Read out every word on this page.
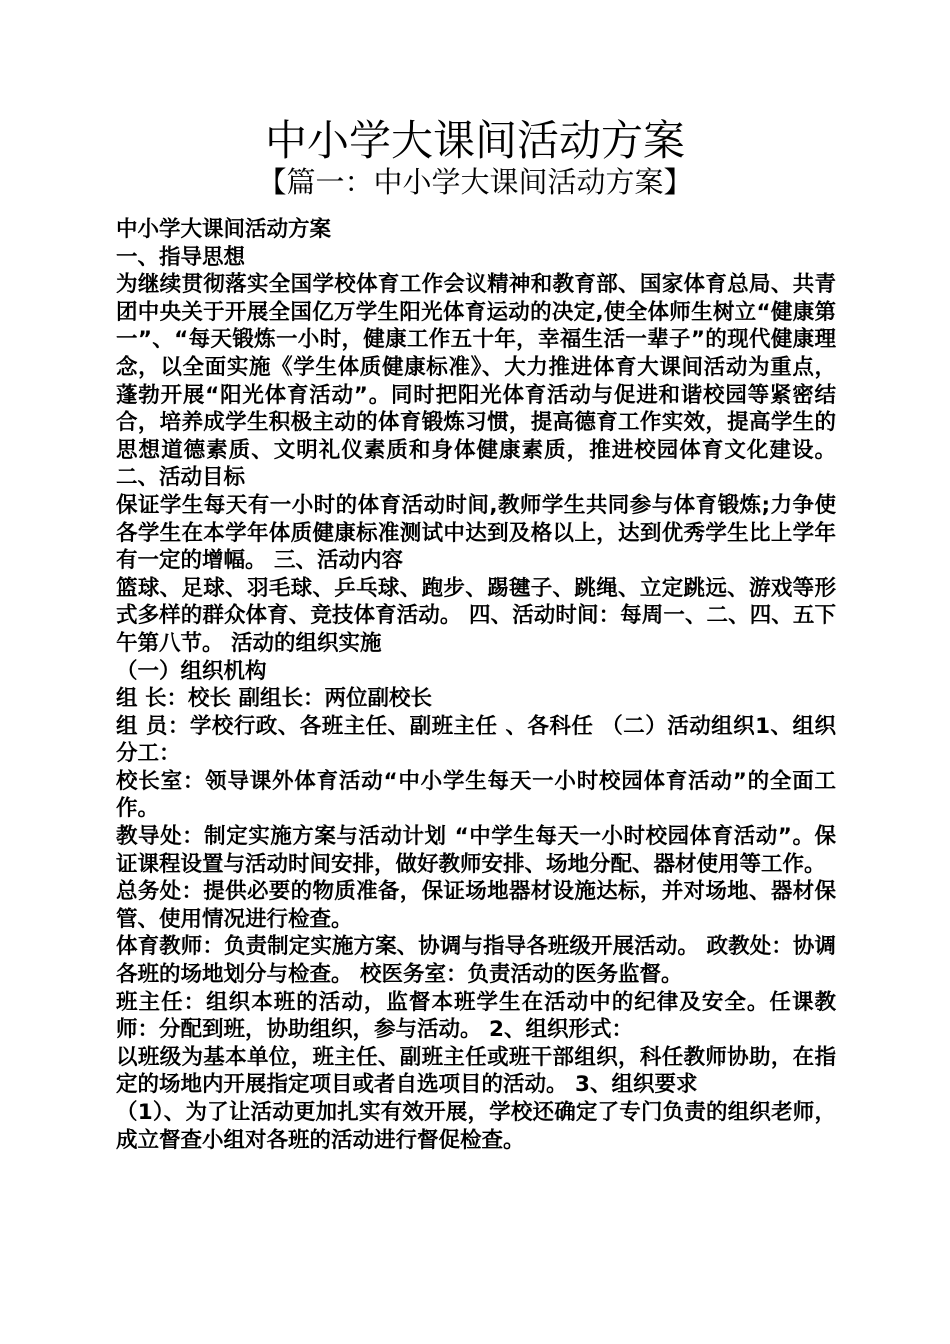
中小学大课间活动方案
【篇一：中小学大课间活动方案】

中小学大课间活动方案

一、指导思想

为继续贯彻落实全国学校体育工作会议精神和教育部、国家体育总局、共青团中央关于开展全国亿万学生阳光体育运动的决定,使全体师生树立“健康第一”、“每天锻炼一小时，健康工作五十年，幸福生活一辈子”的现代健康理念，以全面实施《学生体质健康标准》、大力推进体育大课间活动为重点，蓬勃开展“阳光体育活动”。同时把阳光体育活动与促进和谐校园等紧密结合，培养成学生积极主动的体育锻炼习惯，提高德育工作实效，提高学生的思想道德素质、文明礼仪素质和身体健康素质，推进校园体育文化建设。 二、活动目标

保证学生每天有一小时的体育活动时间,教师学生共同参与体育锻炼;力争使各学生在本学年体质健康标准测试中达到及格以上，达到优秀学生比上学年有一定的增幅。 三、活动内容

篮球、足球、羽毛球、乒乓球、跑步、踢毽子、跳绳、立定跳远、游戏等形式多样的群众体育、竞技体育活动。 四、活动时间：每周一、二、四、五下午第八节。 活动的组织实施

（一）组织机构

组 长：校长 副组长：两位副校长

组 员：学校行政、各班主任、副班主任 、各科任 （二）活动组织1、组织分工：

校长室：领导课外体育活动“中小学生每天一小时校园体育活动”的全面工作。

教导处：制定实施方案与活动计划 “中学生每天一小时校园体育活动”。保证课程设置与活动时间安排，做好教师安排、场地分配、器材使用等工作。

总务处：提供必要的物质准备，保证场地器材设施达标，并对场地、器材保管、使用情况进行检查。

体育教师：负责制定实施方案、协调与指导各班级开展活动。 政教处：协调各班的场地划分与检查。 校医务室：负责活动的医务监督。

班主任：组织本班的活动，监督本班学生在活动中的纪律及安全。任课教师：分配到班，协助组织，参与活动。 2、组织形式：

以班级为基本单位，班主任、副班主任或班干部组织，科任教师协助，在指定的场地内开展指定项目或者自选项目的活动。 3、组织要求

（1）、为了让活动更加扎实有效开展，学校还确定了专门负责的组织老师，成立督查小组对各班的活动进行督促检查。
